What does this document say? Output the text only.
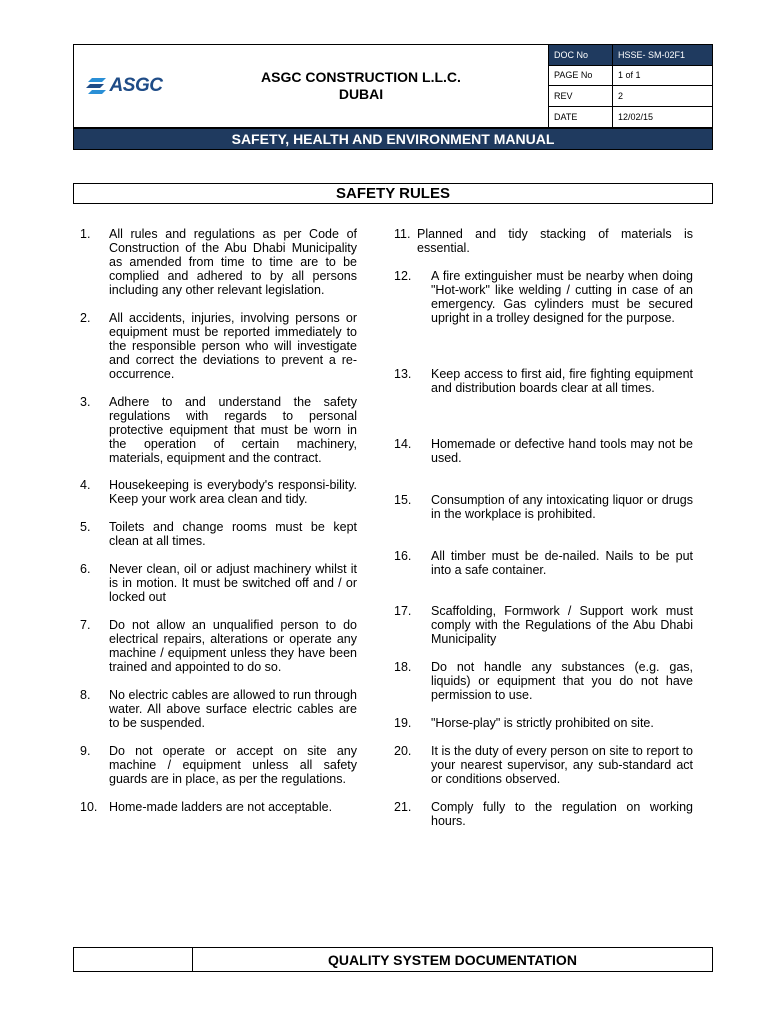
ASGC	ASGC CONSTRUCTION L.L.C.
DUBAI
DOC No	HSSE- SM-02F1
PAGE No	1 of 1
REV	2
DATE	12/02/15
SAFETY, HEALTH AND ENVIRONMENT MANUAL
SAFETY RULES
1. All rules and regulations as per Code of Construction of the Abu Dhabi Municipality as amended from time to time are to be complied and adhered to by all persons including any other relevant legislation.
2. All accidents, injuries, involving persons or equipment must be reported immediately to the responsible person who will investigate and correct the deviations to prevent a re-occurrence.
3. Adhere to and understand the safety regulations with regards to personal protective equipment that must be worn in the operation of certain machinery, materials, equipment and the contract.
4. Housekeeping is everybody's responsi-bility. Keep your work area clean and tidy.
5. Toilets and change rooms must be kept clean at all times.
6. Never clean, oil or adjust machinery whilst it is in motion. It must be switched off and / or locked out
7. Do not allow an unqualified person to do electrical repairs, alterations or operate any machine / equipment unless they have been trained and appointed to do so.
8. No electric cables are allowed to run through water. All above surface electric cables are to be suspended.
9. Do not operate or accept on site any machine / equipment unless all safety guards are in place, as per the regulations.
10. Home-made ladders are not acceptable.
11. Planned and tidy stacking of materials is essential.
12. A fire extinguisher must be nearby when doing "Hot-work" like welding / cutting in case of an emergency. Gas cylinders must be secured upright in a trolley designed for the purpose.
13. Keep access to first aid, fire fighting equipment and distribution boards clear at all times.
14. Homemade or defective hand tools may not be used.
15. Consumption of any intoxicating liquor or drugs in the workplace is prohibited.
16. All timber must be de-nailed. Nails to be put into a safe container.
17. Scaffolding, Formwork / Support work must comply with the Regulations of the Abu Dhabi Municipality
18. Do not handle any substances (e.g. gas, liquids) or equipment that you do not have permission to use.
19. "Horse-play" is strictly prohibited on site.
20. It is the duty of every person on site to report to your nearest supervisor, any sub-standard act or conditions observed.
21. Comply fully to the regulation on working hours.
QUALITY SYSTEM DOCUMENTATION
